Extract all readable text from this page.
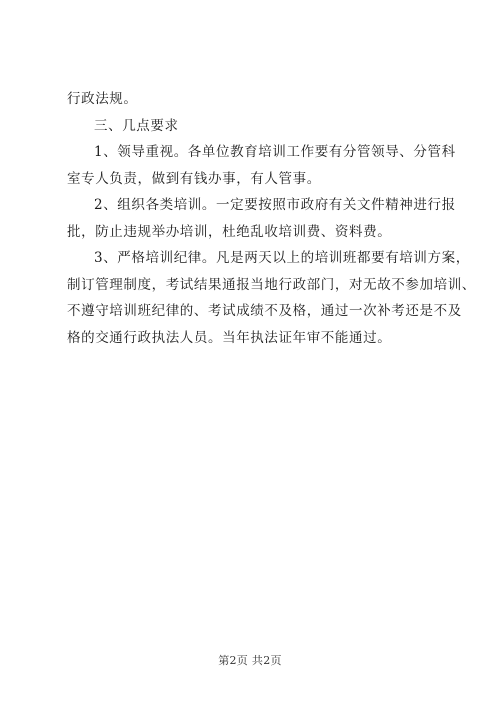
行政法规。
三、几点要求
1、领导重视。各单位教育培训工作要有分管领导、分管科
室专人负责，做到有钱办事，有人管事。
2、组织各类培训。一定要按照市政府有关文件精神进行报
批，防止违规举办培训，杜绝乱收培训费、资料费。
3、严格培训纪律。凡是两天以上的培训班都要有培训方案，
制订管理制度，考试结果通报当地行政部门，对无故不参加培训、
不遵守培训班纪律的、考试成绩不及格，通过一次补考还是不及
格的交通行政执法人员。当年执法证年审不能通过。
第2页 共2页
